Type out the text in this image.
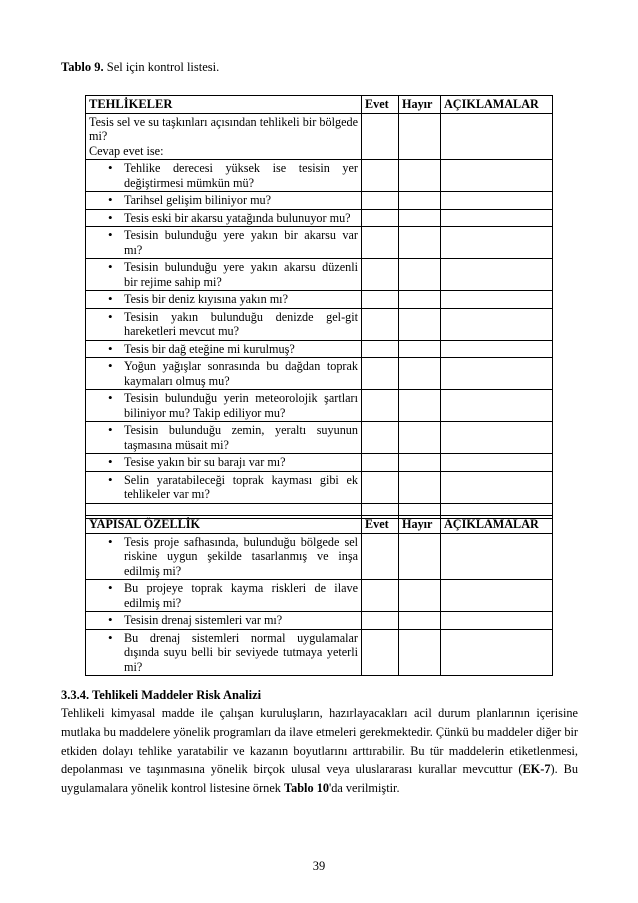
Tablo 9. Sel için kontrol listesi.
TEHLİKELER	Evet	Hayır	AÇIKLAMALAR
Tesis sel ve su taşkınları açısından tehlikeli bir bölgede mi?
Cevap evet ise:			

• Tehlike derecesi yüksek ise tesisin yer değiştirmesi mümkün mü?			

• Tarihsel gelişim biliniyor mu?			

• Tesis eski bir akarsu yatağında bulunuyor mu?			

• Tesisin bulunduğu yere yakın bir akarsu var mı?			

• Tesisin bulunduğu yere yakın akarsu düzenli bir rejime sahip mi?			

• Tesis bir deniz kıyısına yakın mı?			

• Tesisin yakın bulunduğu denizde gel-git hareketleri mevcut mu?			

• Tesis bir dağ eteğine mi kurulmuş?			

• Yoğun yağışlar sonrasında bu dağdan toprak kaymaları olmuş mu?			

• Tesisin bulunduğu yerin meteorolojik şartları biliniyor mu? Takip ediliyor mu?			

• Tesisin bulunduğu zemin, yeraltı suyunun taşmasına müsait mi?			

• Tesise yakın bir su barajı var mı?			

• Selin yaratabileceği toprak kayması gibi ek tehlikeler var mı?			

YAPISAL ÖZELLİK	Evet	Hayır	AÇIKLAMALAR

• Tesis proje safhasında, bulunduğu bölgede sel riskine uygun şekilde tasarlanmış ve inşa edilmiş mi?			

• Bu projeye toprak kayma riskleri de ilave edilmiş mi?			

• Tesisin drenaj sistemleri var mı?			

• Bu drenaj sistemleri normal uygulamalar dışında suyu belli bir seviyede tutmaya yeterli mi?			
3.3.4. Tehlikeli Maddeler Risk Analizi
Tehlikeli kimyasal madde ile çalışan kuruluşların, hazırlayacakları acil durum planlarının içerisine mutlaka bu maddelere yönelik programları da ilave etmeleri gerekmektedir. Çünkü bu maddeler diğer bir etkiden dolayı tehlike yaratabilir ve kazanın boyutlarını arttırabilir. Bu tür maddelerin etiketlenmesi, depolanması ve taşınmasına yönelik birçok ulusal veya uluslararası kurallar mevcuttur (EK-7). Bu uygulamalara yönelik kontrol listesine örnek Tablo 10'da verilmiştir.
39
